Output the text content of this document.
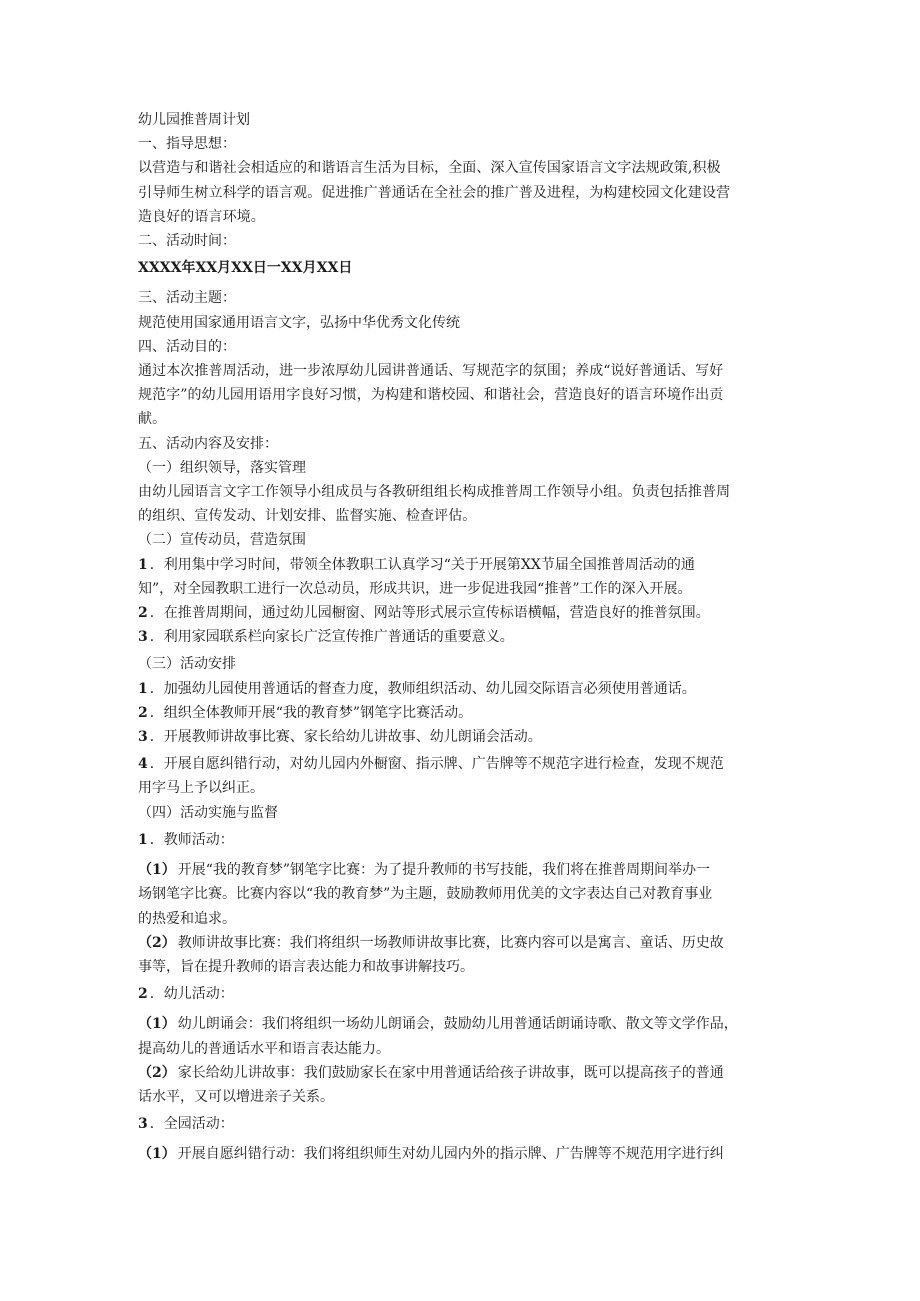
幼儿园推普周计划

一、指导思想：

以营造与和谐社会相适应的和谐语言生活为目标，全面、深入宣传国家语言文字法规政策,积极

引导师生树立科学的语言观。促进推广普通话在全社会的推广普及进程，为构建校园文化建设营

造良好的语言环境。

二、活动时间：

XXXX年XX月XX日一XX月XX日

三、活动主题：

规范使用国家通用语言文字，弘扬中华优秀文化传统

四、活动目的：

通过本次推普周活动，进一步浓厚幼儿园讲普通话、写规范字的氛围；养成“说好普通话、写好

规范字”的幼儿园用语用字良好习惯，为构建和谐校园、和谐社会，营造良好的语言环境作出贡

献。

五、活动内容及安排：

（一）组织领导，落实管理

由幼儿园语言文字工作领导小组成员与各教研组组长构成推普周工作领导小组。负责包括推普周

的组织、宣传发动、计划安排、监督实施、检查评估。

（二）宣传动员，营造氛围

1 ．利用集中学习时间，带领全体教职工认真学习“关于开展第XX节届全国推普周活动的通

知”，对全园教职工进行一次总动员，形成共识，进一步促进我园“推普”工作的深入开展。

2 ．在推普周期间，通过幼儿园橱窗、网站等形式展示宣传标语横幅，营造良好的推普氛围。

3 ．利用家园联系栏向家长广泛宣传推广普通话的重要意义。

（三）活动安排

1 ．加强幼儿园使用普通话的督查力度，教师组织活动、幼儿园交际语言必须使用普通话。

2 ．组织全体教师开展“我的教育梦”钢笔字比赛活动。

3 ．开展教师讲故事比赛、家长给幼儿讲故事、幼儿朗诵会活动。

4 ．开展自愿纠错行动，对幼儿园内外橱窗、指示牌、广告牌等不规范字进行检查，发现不规范

用字马上予以纠正。

（四）活动实施与监督

1 ．教师活动：

（1） 开展“我的教育梦”钢笔字比赛：为了提升教师的书写技能，我们将在推普周期间举办一

场钢笔字比赛。比赛内容以“我的教育梦”为主题，鼓励教师用优美的文字表达自己对教育事业

的热爱和追求。

（2） 教师讲故事比赛：我们将组织一场教师讲故事比赛，比赛内容可以是寓言、童话、历史故

事等，旨在提升教师的语言表达能力和故事讲解技巧。

2 ．幼儿活动：

（1） 幼儿朗诵会：我们将组织一场幼儿朗诵会，鼓励幼儿用普通话朗诵诗歌、散文等文学作品，

提高幼儿的普通话水平和语言表达能力。

（2） 家长给幼儿讲故事：我们鼓励家长在家中用普通话给孩子讲故事，既可以提高孩子的普通

话水平，又可以增进亲子关系。

3 ．全园活动：

（1） 开展自愿纠错行动：我们将组织师生对幼儿园内外的指示牌、广告牌等不规范用字进行纠
